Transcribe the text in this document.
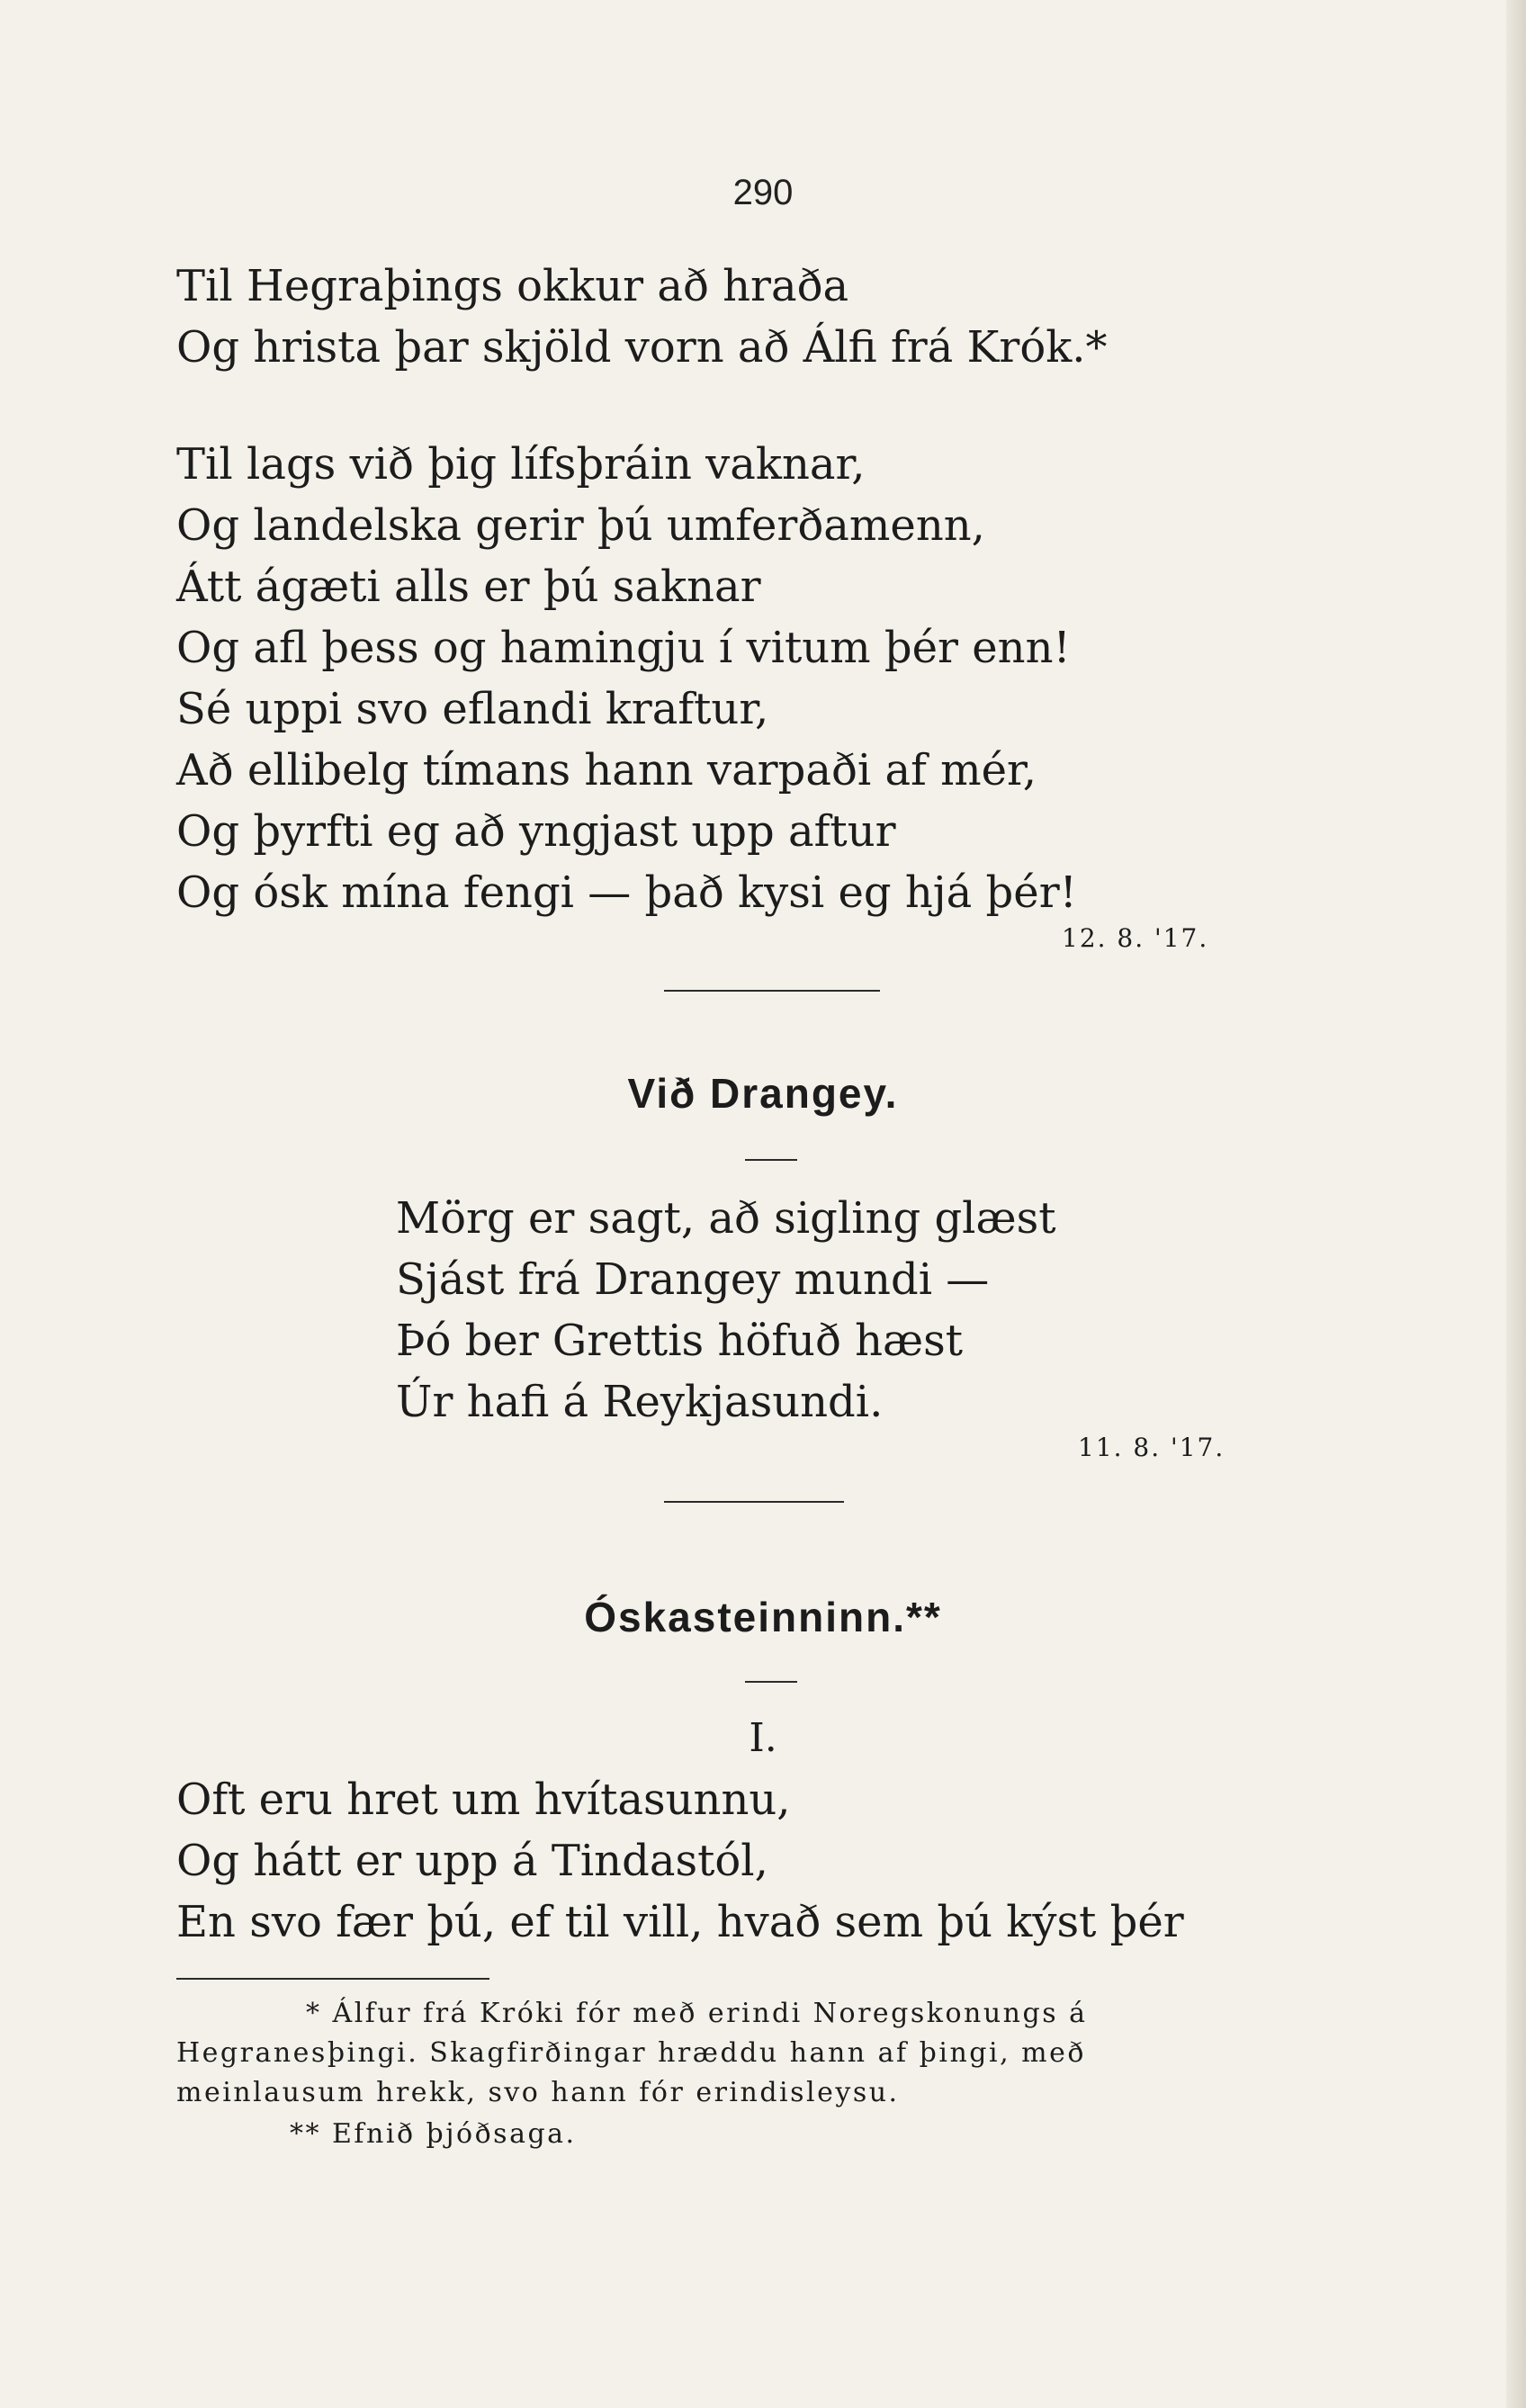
290
Til Hegraþings okkur að hraða
Og hrista þar skjöld vorn að Álfi frá Krók.*
Til lags við þig lífsþráin vaknar,
Og landelska gerir þú umferðamenn,
Átt ágæti alls er þú saknar
Og afl þess og hamingju í vitum þér enn!
Sé uppi svo eflandi kraftur,
Að ellibelg tímans hann varpaði af mér,
Og þyrfti eg að yngjast upp aftur
Og ósk mína fengi — það kysi eg hjá þér!
12. 8. '17.
Við Drangey.
Mörg er sagt, að sigling glæst
Sjást frá Drangey mundi —
Þó ber Grettis höfuð hæst
Úr hafi á Reykjasundi.
11. 8. '17.
Óskasteinninn.**
I.
Oft eru hret um hvítasunnu,
Og hátt er upp á Tindastól,
En svo fær þú, ef til vill, hvað sem þú kýst þér
* Álfur frá Króki fór með erindi Noregskonungs á
Hegranesþingi. Skagfirðingar hræddu hann af þingi, með
meinlausum hrekk, svo hann fór erindisleysu.
** Efnið þjóðsaga.
